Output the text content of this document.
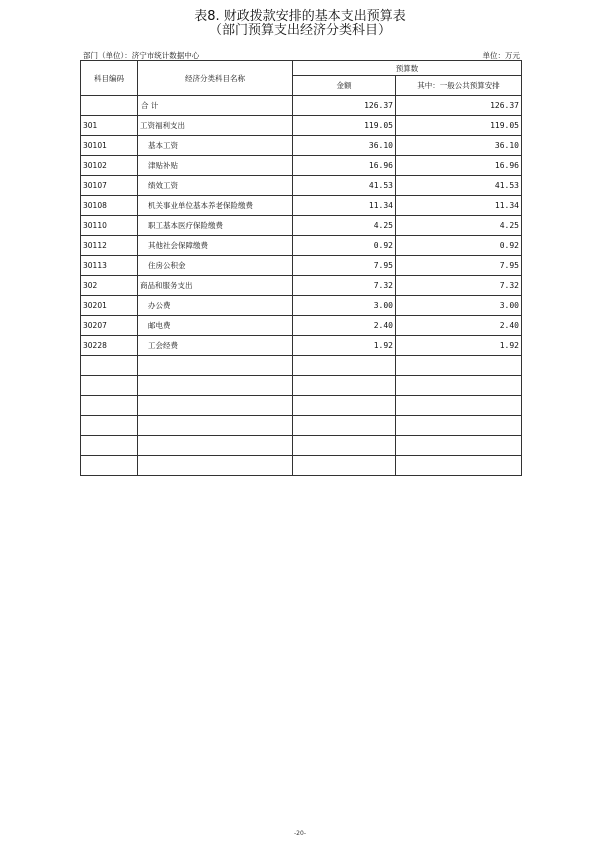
表8. 财政拨款安排的基本支出预算表
（部门预算支出经济分类科目）
部门（单位）：济宁市统计数据中心	单位：万元
科目编码	经济分类科目名称	预算数	
		金额	其中：一般公共预算安排
	合 计	126.37	126.37
301	工资福利支出	119.05	119.05
30101	基本工资	36.10	36.10
30102	津贴补贴	16.96	16.96
30107	绩效工资	41.53	41.53
30108	机关事业单位基本养老保险缴费	11.34	11.34
30110	职工基本医疗保险缴费	4.25	4.25
30112	其他社会保障缴费	0.92	0.92
30113	住房公积金	7.95	7.95
302	商品和服务支出	7.32	7.32
30201	办公费	3.00	3.00
30207	邮电费	2.40	2.40
30228	工会经费	1.92	1.92

-20-
